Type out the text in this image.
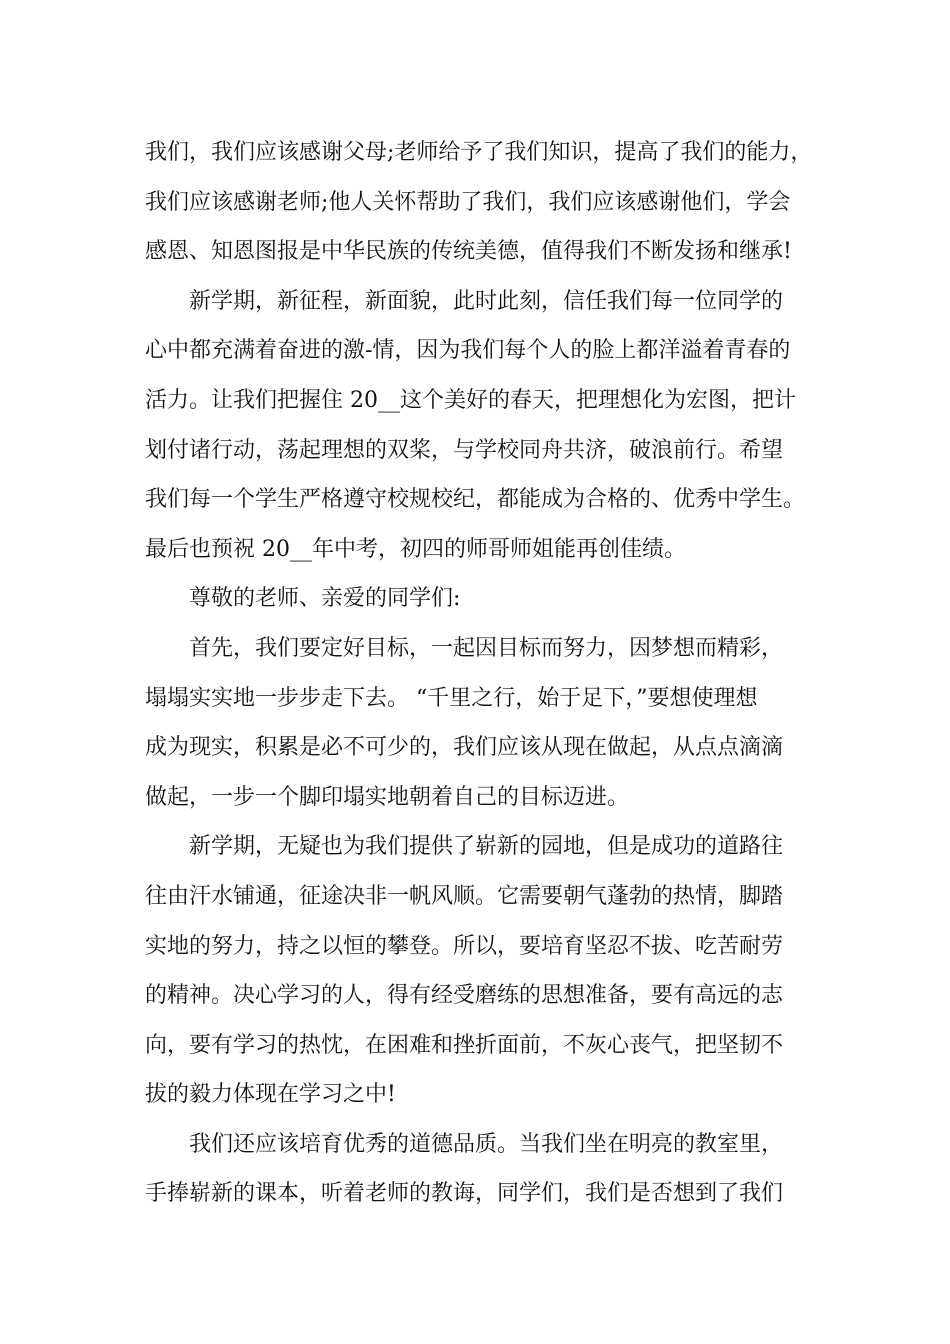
我们，我们应该感谢父母;老师给予了我们知识，提高了我们的能力，
我们应该感谢老师;他人关怀帮助了我们，我们应该感谢他们，学会
感恩、知恩图报是中华民族的传统美德，值得我们不断发扬和继承!
新学期，新征程，新面貌，此时此刻，信任我们每一位同学的
心中都充满着奋进的激-情，因为我们每个人的脸上都洋溢着青春的
活力。让我们把握住 20__这个美好的春天，把理想化为宏图，把计
划付诸行动，荡起理想的双桨，与学校同舟共济，破浪前行。希望
我们每一个学生严格遵守校规校纪，都能成为合格的、优秀中学生。
最后也预祝 20__年中考，初四的师哥师姐能再创佳绩。
尊敬的老师、亲爱的同学们:
首先，我们要定好目标，一起因目标而努力，因梦想而精彩，
塌塌实实地一步步走下去。 “千里之行，始于足下，”要想使理想
成为现实，积累是必不可少的，我们应该从现在做起，从点点滴滴
做起，一步一个脚印塌实地朝着自己的目标迈进。
新学期，无疑也为我们提供了崭新的园地，但是成功的道路往
往由汗水铺通，征途决非一帆风顺。它需要朝气蓬勃的热情，脚踏
实地的努力，持之以恒的攀登。所以，要培育坚忍不拔、吃苦耐劳
的精神。决心学习的人，得有经受磨练的思想准备，要有高远的志
向，要有学习的热忱，在困难和挫折面前，不灰心丧气，把坚韧不
拔的毅力体现在学习之中!
我们还应该培育优秀的道德品质。当我们坐在明亮的教室里，
手捧崭新的课本，听着老师的教诲，同学们，我们是否想到了我们
